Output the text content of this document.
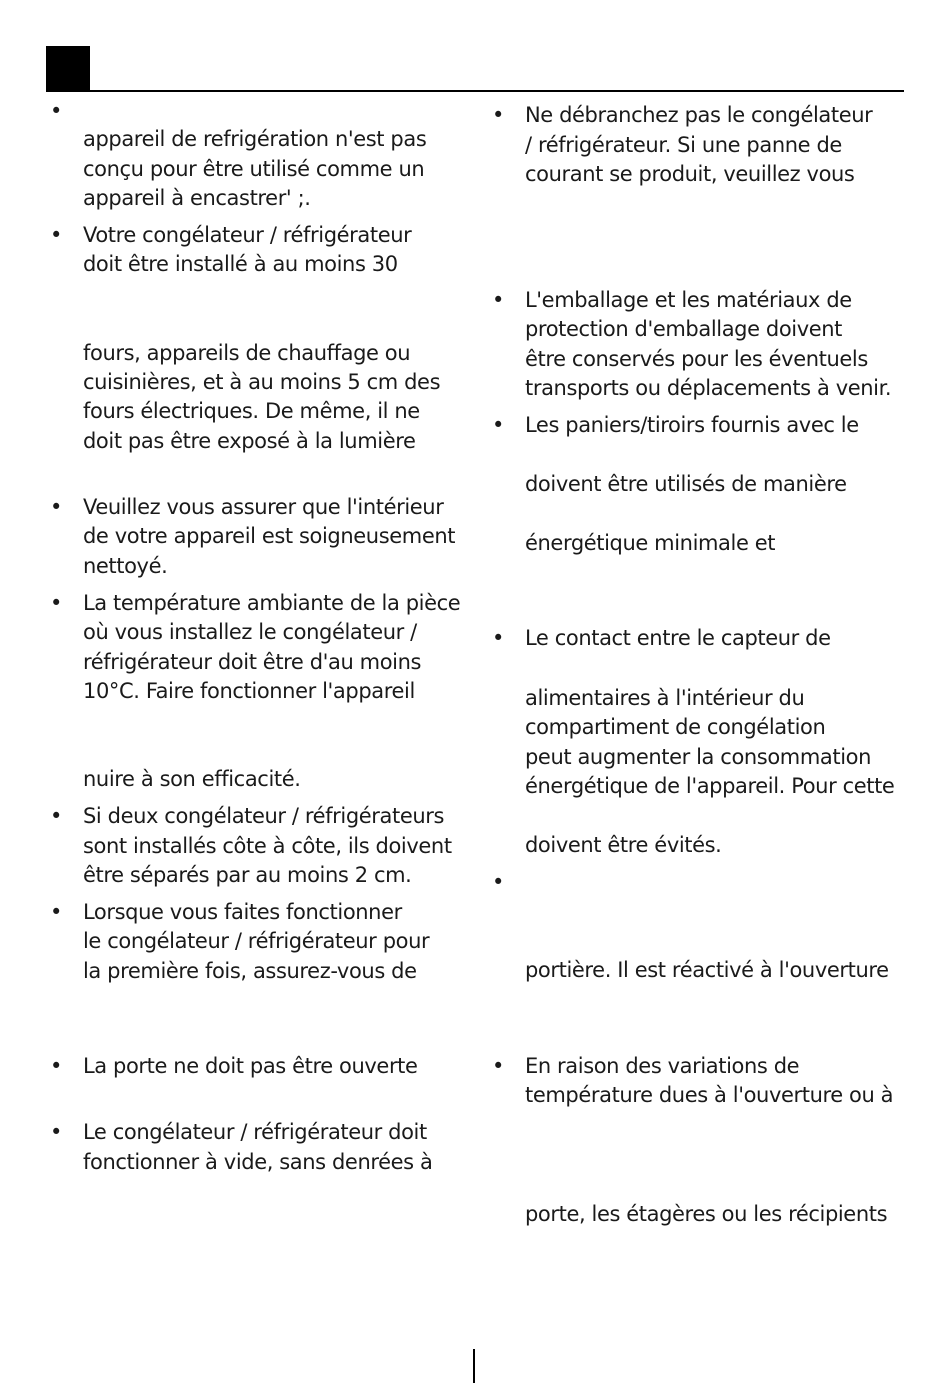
•
appareil de refrigération n'est pas
conçu pour être utilisé comme un
appareil à encastrer' ;.
• Votre congélateur / réfrigérateur
doit être installé à au moins 30
fours, appareils de chauffage ou
cuisinières, et à au moins 5 cm des
fours électriques. De même, il ne
doit pas être exposé à la lumière
• Veuillez vous assurer que l'intérieur
de votre appareil est soigneusement
nettoyé.
• La température ambiante de la pièce
où vous installez le congélateur /
réfrigérateur doit être d'au moins
10°C. Faire fonctionner l'appareil
nuire à son efficacité.
• Si deux congélateur / réfrigérateurs
sont installés côte à côte, ils doivent
être séparés par au moins 2 cm.
• Lorsque vous faites fonctionner
le congélateur / réfrigérateur pour
la première fois, assurez-vous de
• La porte ne doit pas être ouverte
• Le congélateur / réfrigérateur doit
fonctionner à vide, sans denrées à
• Ne débranchez pas le congélateur
/ réfrigérateur. Si une panne de
courant se produit, veuillez vous
• L'emballage et les matériaux de
protection d'emballage doivent
être conservés pour les éventuels
transports ou déplacements à venir.
• Les paniers/tiroirs fournis avec le
doivent être utilisés de manière
énergétique minimale et
• Le contact entre le capteur de
alimentaires à l'intérieur du
compartiment de congélation
peut augmenter la consommation
énergétique de l'appareil. Pour cette
doivent être évités.
•
portière. Il est réactivé à l'ouverture
• En raison des variations de
température dues à l'ouverture ou à
porte, les étagères ou les récipients
